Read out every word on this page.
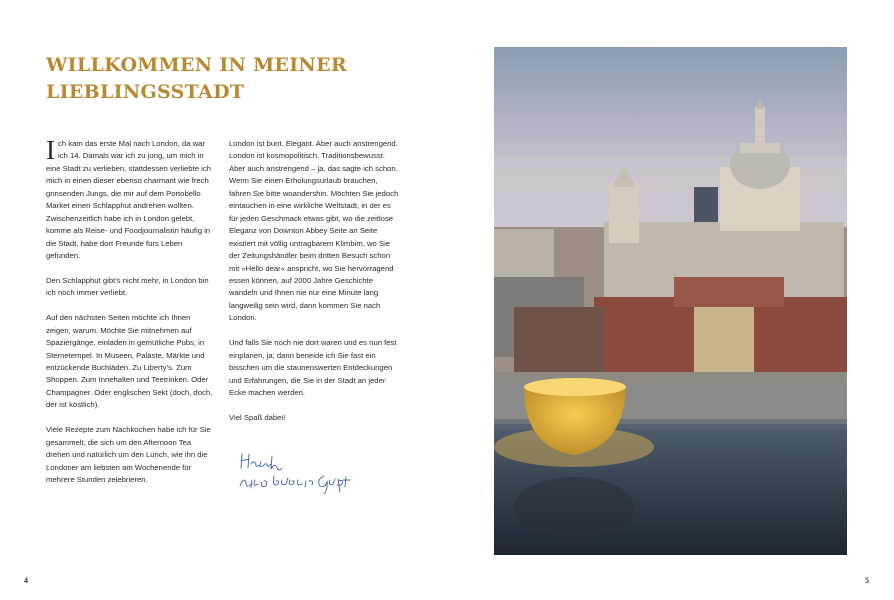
WILLKOMMEN IN MEINER
LIEBLINGSSTADT

Ich kam das erste Mal nach London, da war ich 14. Damals war ich zu jung, um mich in eine Stadt zu verlieben, stattdessen verliebte ich mich in einen dieser ebenso charmant wie frech grinsenden Jungs, die mir auf dem Portobello Market einen Schlapphut andrehen wollten. Zwischenzeitlich habe ich in London gelebt, komme als Reise- und Foodjournalistin häufig in die Stadt, habe dort Freunde fürs Leben gefunden.

Den Schlapphut gibt’s nicht mehr, in London bin ich noch immer verliebt.

Auf den nächsten Seiten möchte ich Ihnen zeigen, warum. Möchte Sie mitnehmen auf Spaziergänge, einladen in gemütliche Pubs, in Sternetempel. In Museen, Paläste, Märkte und entzückende Buchläden. Zu Liberty’s. Zum Shoppen. Zum Innehalten und Teetrinken. Oder Champagner. Oder englischen Sekt (doch, doch, der ist köstlich).

Viele Rezepte zum Nachkochen habe ich für Sie gesammelt, die sich um den Afternoon Tea drehen und natürlich um den Lunch, wie ihn die Londoner am liebsten am Wochenende für mehrere Stunden zelebrieren.

London ist bunt. Elegant. Aber auch anstrengend. London ist kosmopolitisch. Traditionsbewusst. Aber auch anstrengend – ja, das sagte ich schon. Wenn Sie einen Erholungsurlaub brauchen, fahren Sie bitte woandershin. Möchten Sie jedoch eintauchen in eine wirkliche Weltstadt, in der es für jeden Geschmack etwas gibt, wo die zeitlose Eleganz von Downton Abbey Seite an Seite existiert mit völlig untragbarem Klimbim, wo Sie der Zeitungshändler beim dritten Besuch schon mit »Hello dear« anspricht, wo Sie hervorragend essen können, auf 2000 Jahre Geschichte wandeln und Ihnen nie nur eine Minute lang langweilig sein wird, dann kommen Sie nach London.

Und falls Sie noch nie dort waren und es nun fest einplanen, ja, dann beneide ich Sie fast ein bisschen um die staunenswerten Entdeckungen und Erfahrungen, die Sie in der Stadt an jeder Ecke machen werden.

Viel Spaß dabei!

4	5
